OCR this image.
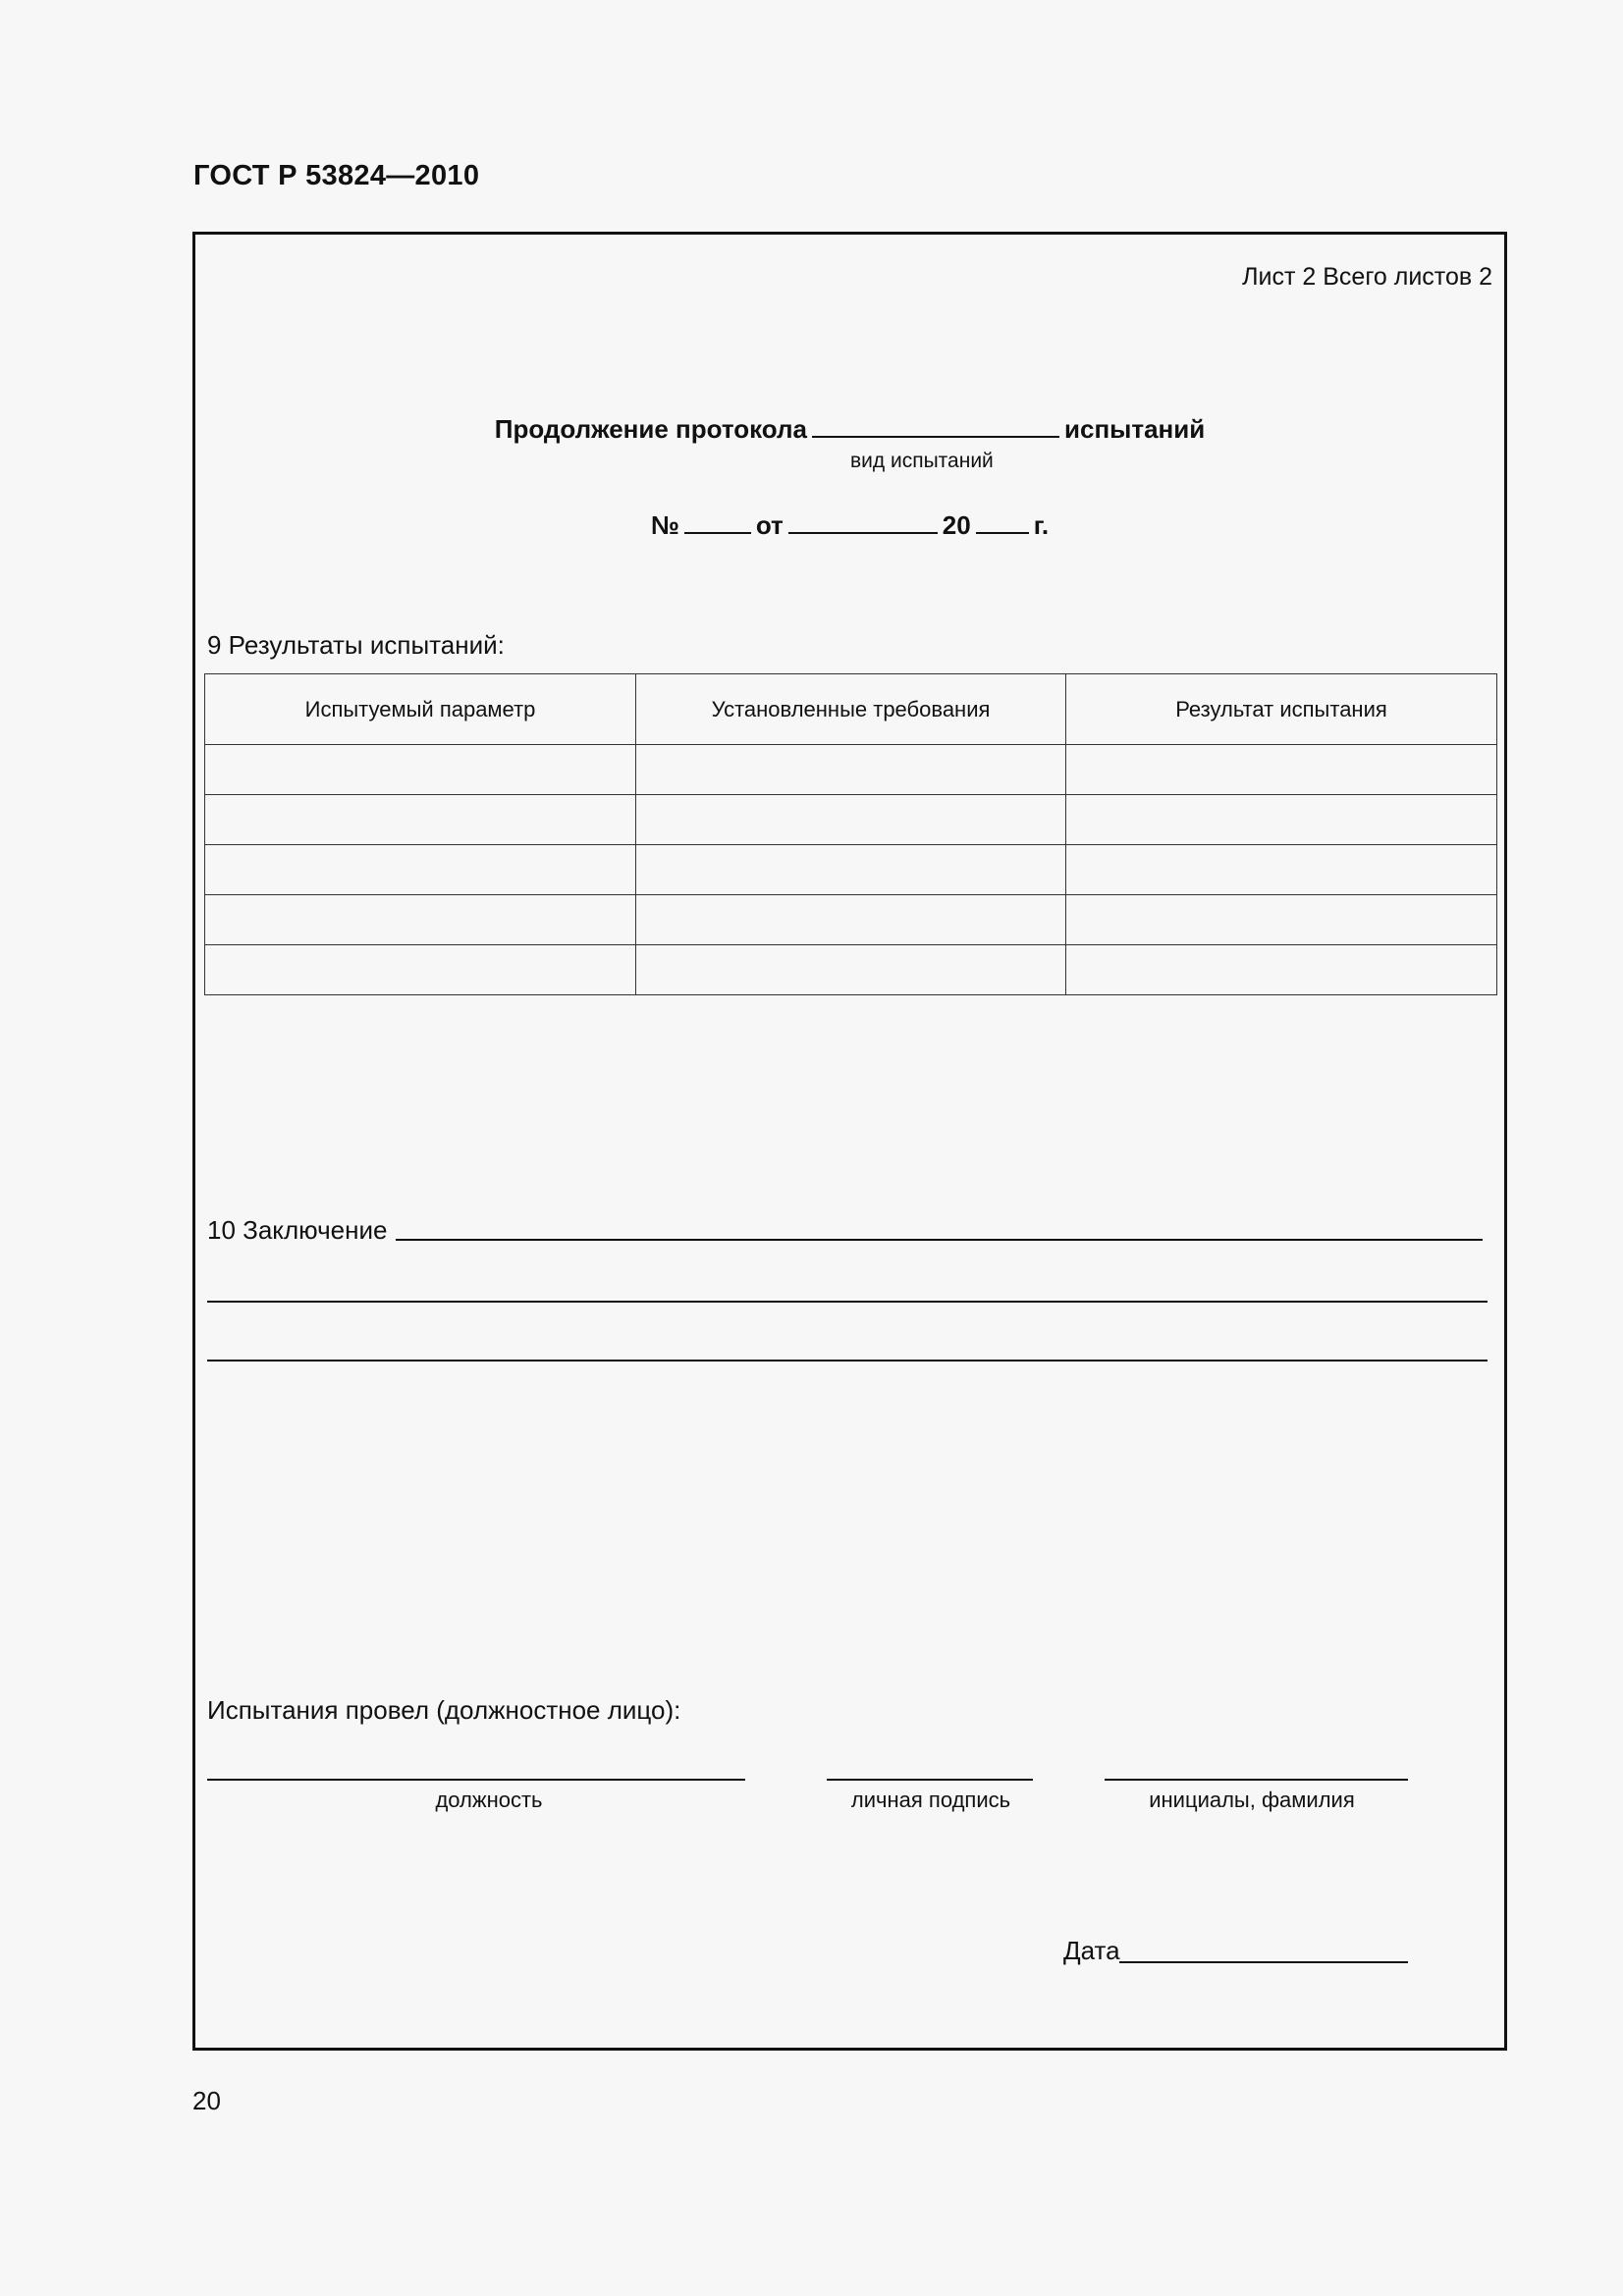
ГОСТ Р 53824—2010
Лист 2 Всего листов 2
Продолжение протокола	испытаний
вид испытаний
№	от	20 г.
9 Результаты испытаний:
Испытуемый параметр	Установленные требования	Результат испытания

10 Заключение
Испытания провел (должностное лицо):
должность	личная подпись	инициалы, фамилия
Дата
20
